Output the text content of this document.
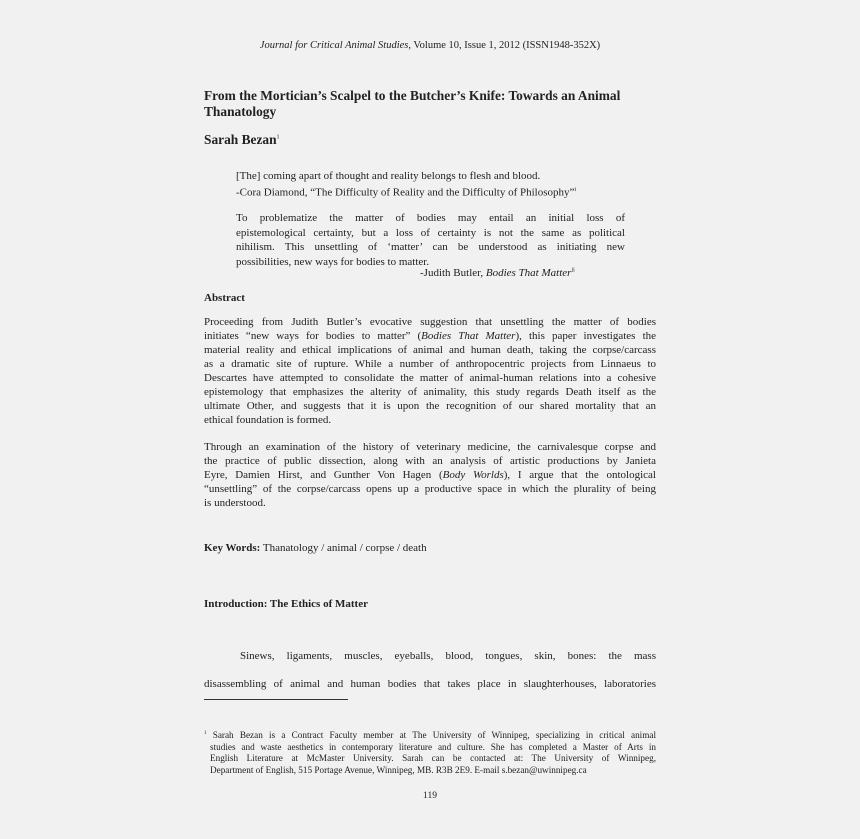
Journal for Critical Animal Studies, Volume 10, Issue 1, 2012 (ISSN1948-352X)
From the Mortician’s Scalpel to the Butcher’s Knife: Towards an Animal Thanatology
Sarah Bezan$^1$
[The] coming apart of thought and reality belongs to flesh and blood.
-Cora Diamond, “The Difficulty of Reality and the Difficulty of Philosophy”$^i$
To problematize the matter of bodies may entail an initial loss of
epistemological certainty, but a loss of certainty is not the same as political
nihilism. This unsettling of ‘matter’ can be understood as initiating new
possibilities, new ways for bodies to matter.
-Judith Butler, Bodies That Matter$^{ii}$
Abstract
Proceeding from Judith Butler’s evocative suggestion that unsettling the matter of bodies
initiates “new ways for bodies to matter” (Bodies That Matter), this paper investigates the
material reality and ethical implications of animal and human death, taking the corpse/carcass
as a dramatic site of rupture. While a number of anthropocentric projects from Linnaeus to
Descartes have attempted to consolidate the matter of animal-human relations into a cohesive
epistemology that emphasizes the alterity of animality, this study regards Death itself as the
ultimate Other, and suggests that it is upon the recognition of our shared mortality that an
ethical foundation is formed.
Through an examination of the history of veterinary medicine, the carnivalesque corpse and
the practice of public dissection, along with an analysis of artistic productions by Janieta
Eyre, Damien Hirst, and Gunther Von Hagen (Body Worlds), I argue that the ontological
“unsettling” of the corpse/carcass opens up a productive space in which the plurality of being
is understood.
Key Words: Thanatology / animal / corpse / death
Introduction: The Ethics of Matter
Sinews, ligaments, muscles, eyeballs, blood, tongues, skin, bones: the mass
disassembling of animal and human bodies that takes place in slaughterhouses, laboratories
$^1$ Sarah Bezan is a Contract Faculty member at The University of Winnipeg, specializing in critical animal
studies and waste aesthetics in contemporary literature and culture. She has completed a Master of Arts in
English Literature at McMaster University. Sarah can be contacted at: The University of Winnipeg,
Department of English, 515 Portage Avenue, Winnipeg, MB. R3B 2E9. E-mail s.bezan@uwinnipeg.ca
119
